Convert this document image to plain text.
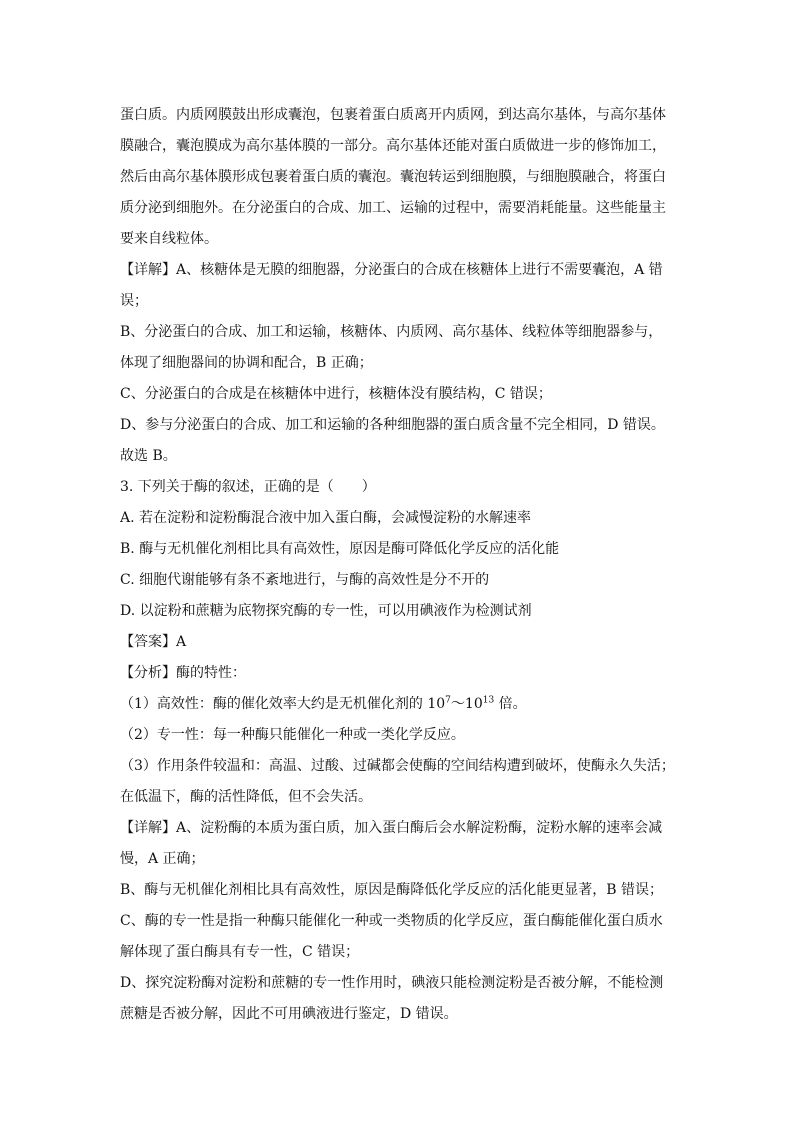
蛋白质。内质网膜鼓出形成囊泡，包裹着蛋白质离开内质网，到达高尔基体，与高尔基体
膜融合，囊泡膜成为高尔基体膜的一部分。高尔基体还能对蛋白质做进一步的修饰加工，
然后由高尔基体膜形成包裹着蛋白质的囊泡。囊泡转运到细胞膜，与细胞膜融合，将蛋白
质分泌到细胞外。在分泌蛋白的合成、加工、运输的过程中，需要消耗能量。这些能量主
要来自线粒体。
【详解】A、核糖体是无膜的细胞器，分泌蛋白的合成在核糖体上进行不需要囊泡，A 错
误；
B、分泌蛋白的合成、加工和运输，核糖体、内质网、高尔基体、线粒体等细胞器参与，
体现了细胞器间的协调和配合，B 正确；
C、分泌蛋白的合成是在核糖体中进行，核糖体没有膜结构，C 错误；
D、参与分泌蛋白的合成、加工和运输的各种细胞器的蛋白质含量不完全相同，D 错误。
故选 B。
3. 下列关于酶的叙述，正确的是（　　）
A. 若在淀粉和淀粉酶混合液中加入蛋白酶，会减慢淀粉的水解速率
B. 酶与无机催化剂相比具有高效性，原因是酶可降低化学反应的活化能
C. 细胞代谢能够有条不紊地进行，与酶的高效性是分不开的
D. 以淀粉和蔗糖为底物探究酶的专一性，可以用碘液作为检测试剂
【答案】A
【分析】酶的特性：
（1）高效性：酶的催化效率大约是无机催化剂的 $10^7\sim 10^{13}$ 倍。
（2）专一性：每一种酶只能催化一种或一类化学反应。
（3）作用条件较温和：高温、过酸、过碱都会使酶的空间结构遭到破坏，使酶永久失活；
在低温下，酶的活性降低，但不会失活。
【详解】A、淀粉酶的本质为蛋白质，加入蛋白酶后会水解淀粉酶，淀粉水解的速率会减
慢，A 正确；
B、酶与无机催化剂相比具有高效性，原因是酶降低化学反应的活化能更显著，B 错误；
C、酶的专一性是指一种酶只能催化一种或一类物质的化学反应，蛋白酶能催化蛋白质水
解体现了蛋白酶具有专一性，C 错误；
D、探究淀粉酶对淀粉和蔗糖的专一性作用时，碘液只能检测淀粉是否被分解，不能检测
蔗糖是否被分解，因此不可用碘液进行鉴定，D 错误。
